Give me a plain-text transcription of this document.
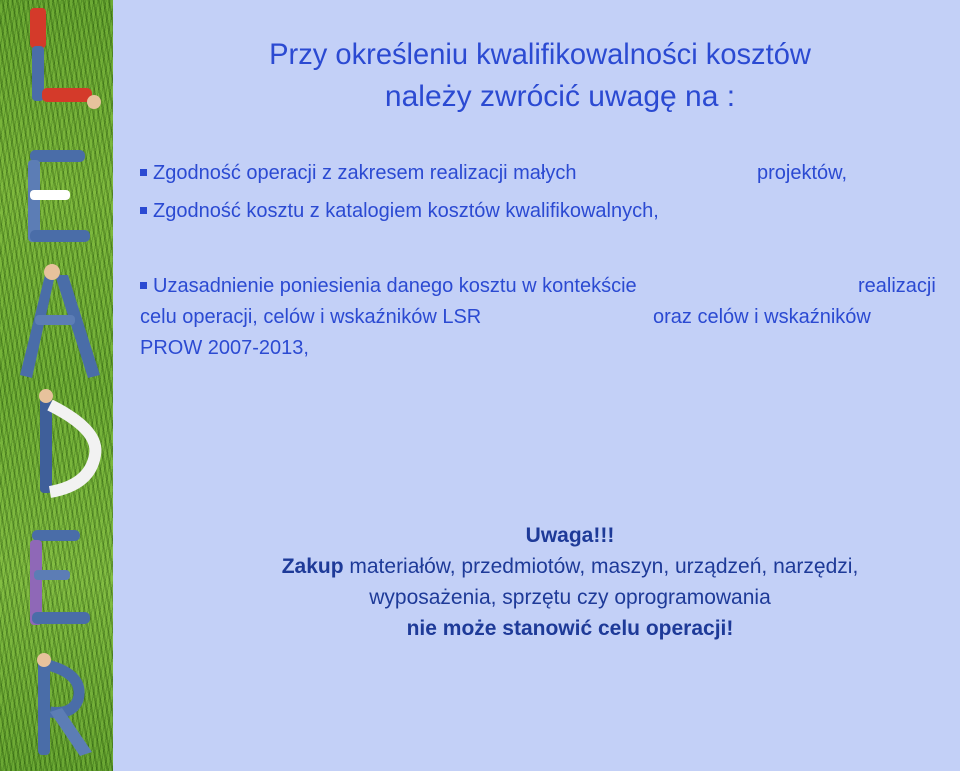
Przy określeniu kwalifikowalności kosztów
należy zwrócić uwagę na :
Zgodność operacji z zakresem realizacji małych	projektów,
Zgodność kosztu z katalogiem kosztów kwalifikowalnych,
Uzasadnienie poniesienia danego kosztu w kontekście	realizacji
celu operacji, celów i wskaźników LSR	oraz celów i wskaźników
PROW 2007-2013,
Uwaga!!!
Zakup materiałów, przedmiotów, maszyn, urządzeń, narzędzi,
wyposażenia, sprzętu czy oprogramowania
nie może stanowić celu operacji!
